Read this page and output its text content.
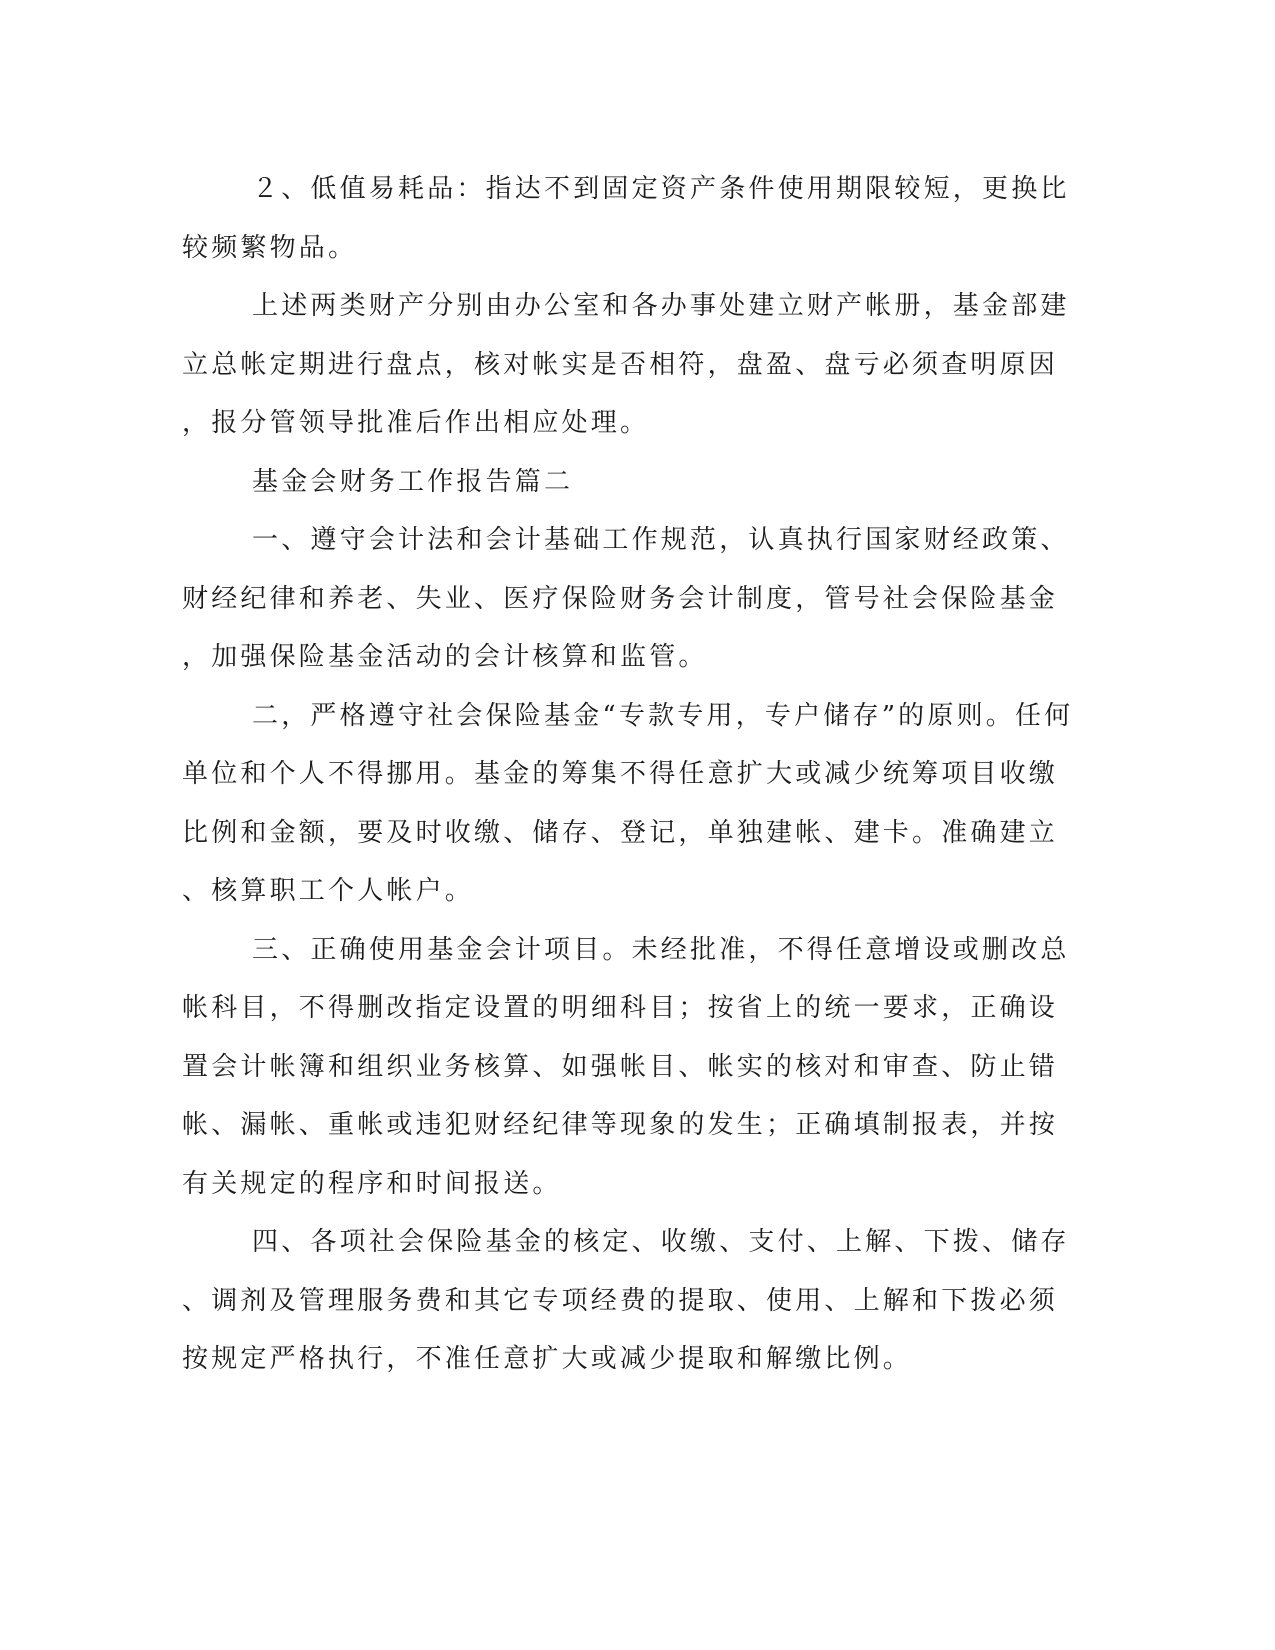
２、低值易耗品：指达不到固定资产条件使用期限较短，更换比
较频繁物品。
上述两类财产分别由办公室和各办事处建立财产帐册，基金部建
立总帐定期进行盘点，核对帐实是否相符，盘盈、盘亏必须查明原因
，报分管领导批准后作出相应处理。
基金会财务工作报告篇二
一、遵守会计法和会计基础工作规范，认真执行国家财经政策、
财经纪律和养老、失业、医疗保险财务会计制度，管号社会保险基金
，加强保险基金活动的会计核算和监管。
二，严格遵守社会保险基金“专款专用，专户储存”的原则。任何
单位和个人不得挪用。基金的筹集不得任意扩大或减少统筹项目收缴
比例和金额，要及时收缴、储存、登记，单独建帐、建卡。准确建立
、核算职工个人帐户。
三、正确使用基金会计项目。未经批准，不得任意增设或删改总
帐科目，不得删改指定设置的明细科目；按省上的统一要求，正确设
置会计帐簿和组织业务核算、如强帐目、帐实的核对和审查、防止错
帐、漏帐、重帐或违犯财经纪律等现象的发生；正确填制报表，并按
有关规定的程序和时间报送。
四、各项社会保险基金的核定、收缴、支付、上解、下拨、储存
、调剂及管理服务费和其它专项经费的提取、使用、上解和下拨必须
按规定严格执行，不准任意扩大或减少提取和解缴比例。
